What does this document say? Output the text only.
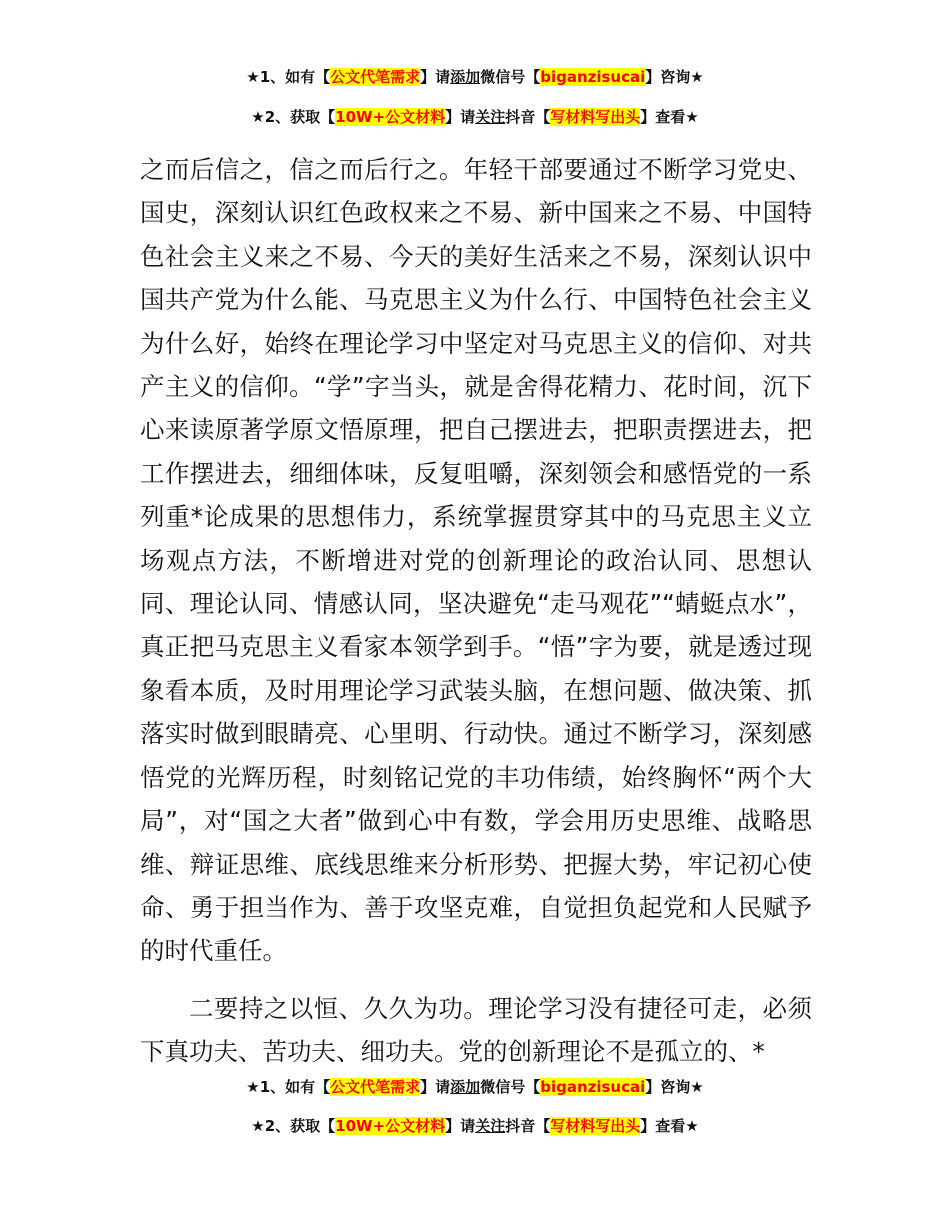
★1、如有【公文代笔需求】请添加微信号【biganzisucai】咨询★
★2、获取【10W+公文材料】请关注抖音【写材料写出头】查看★

之而后信之，信之而后行之。年轻干部要通过不断学习党史、国史，深刻认识红色政权来之不易、新中国来之不易、中国特色社会主义来之不易、今天的美好生活来之不易，深刻认识中国共产党为什么能、马克思主义为什么行、中国特色社会主义为什么好，始终在理论学习中坚定对马克思主义的信仰、对共产主义的信仰。“学”字当头，就是舍得花精力、花时间，沉下心来读原著学原文悟原理，把自己摆进去，把职责摆进去，把工作摆进去，细细体味，反复咀嚼，深刻领会和感悟党的一系列重*论成果的思想伟力，系统掌握贯穿其中的马克思主义立场观点方法，不断增进对党的创新理论的政治认同、思想认同、理论认同、情感认同，坚决避免“走马观花”“蜻蜓点水”，真正把马克思主义看家本领学到手。“悟”字为要，就是透过现象看本质，及时用理论学习武装头脑，在想问题、做决策、抓落实时做到眼睛亮、心里明、行动快。通过不断学习，深刻感悟党的光辉历程，时刻铭记党的丰功伟绩，始终胸怀“两个大局”，对“国之大者”做到心中有数，学会用历史思维、战略思维、辩证思维、底线思维来分析形势、把握大势，牢记初心使命、勇于担当作为、善于攻坚克难，自觉担负起党和人民赋予的时代重任。

二要持之以恒、久久为功。理论学习没有捷径可走，必须下真功夫、苦功夫、细功夫。党的创新理论不是孤立的、*

★1、如有【公文代笔需求】请添加微信号【biganzisucai】咨询★
★2、获取【10W+公文材料】请关注抖音【写材料写出头】查看★
